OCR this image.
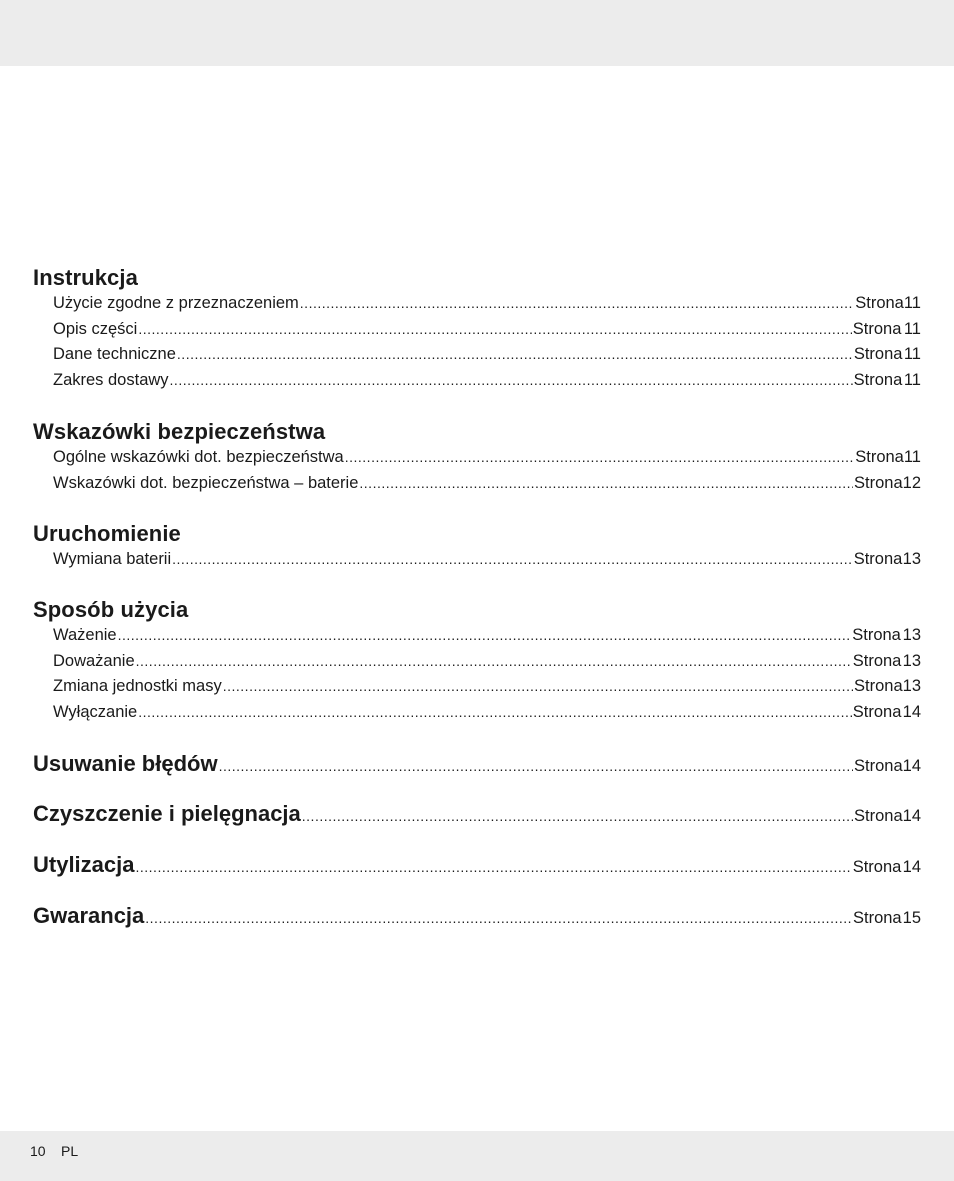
Instrukcja
Użycie zgodne z przeznaczeniem .....	Strona 11
Opis części .....	Strona 11
Dane techniczne .....	Strona 11
Zakres dostawy .....	Strona 11
Wskazówki bezpieczeństwa
Ogólne wskazówki dot. bezpieczeństwa .....	Strona 11
Wskazówki dot. bezpieczeństwa – baterie .....	Strona 12
Uruchomienie
Wymiana baterii .....	Strona 13
Sposób użycia
Ważenie .....	Strona 13
Doważanie .....	Strona 13
Zmiana jednostki masy .....	Strona 13
Wyłączanie .....	Strona 14
Usuwanie błędów .....	Strona 14
Czyszczenie i pielęgnacja .....	Strona 14
Utylizacja .....	Strona 14
Gwarancja .....	Strona 15
10 PL
